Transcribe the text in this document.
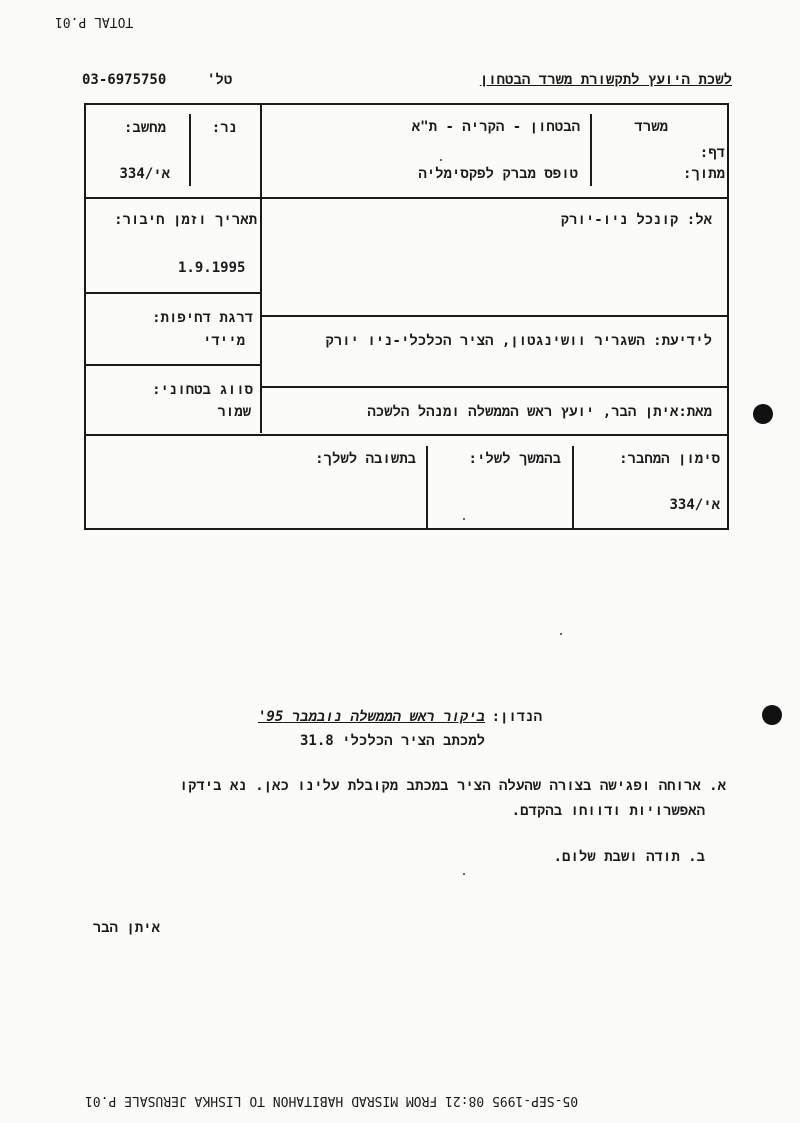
TOTAL P.01
לשכת היועץ לתקשורת משרד הבטחון
טל'
03-6975750
משרד
הבטחון - הקריה - ת"א
דף:
מתוך:
טופס מברק לפקסימליה
נר:
מחשב:
אי/334
אל: קונכל ניו-יורק
תאריך וזמן חיבור:
1.9.1995
לידיעת: השגריר וושינגטון, הציר הכלכלי-ניו יורק
דרגת דחיפות:
מיידי
מאת:איתן הבר, יועץ ראש הממשלה ומנהל הלשכה
סווג בטחוני:
שמור
סימון המחבר:
אי/334
בהמשך לשלי:
בתשובה לשלך:
הנדון:
ביקור ראש הממשלה נובמבר 95'
למכתב הציר הכלכלי 31.8
א. ארוחה ופגישה בצורה שהעלה הציר במכתב מקובלת עלינו כאן. נא בידקו
האפשרויות ודווחו בהקדם.
ב. תודה ושבת שלום.
איתן הבר
05-SEP-1995 08:21 FROM MISRAD HABITAHON TO LISHKA JERUSALE P.01
